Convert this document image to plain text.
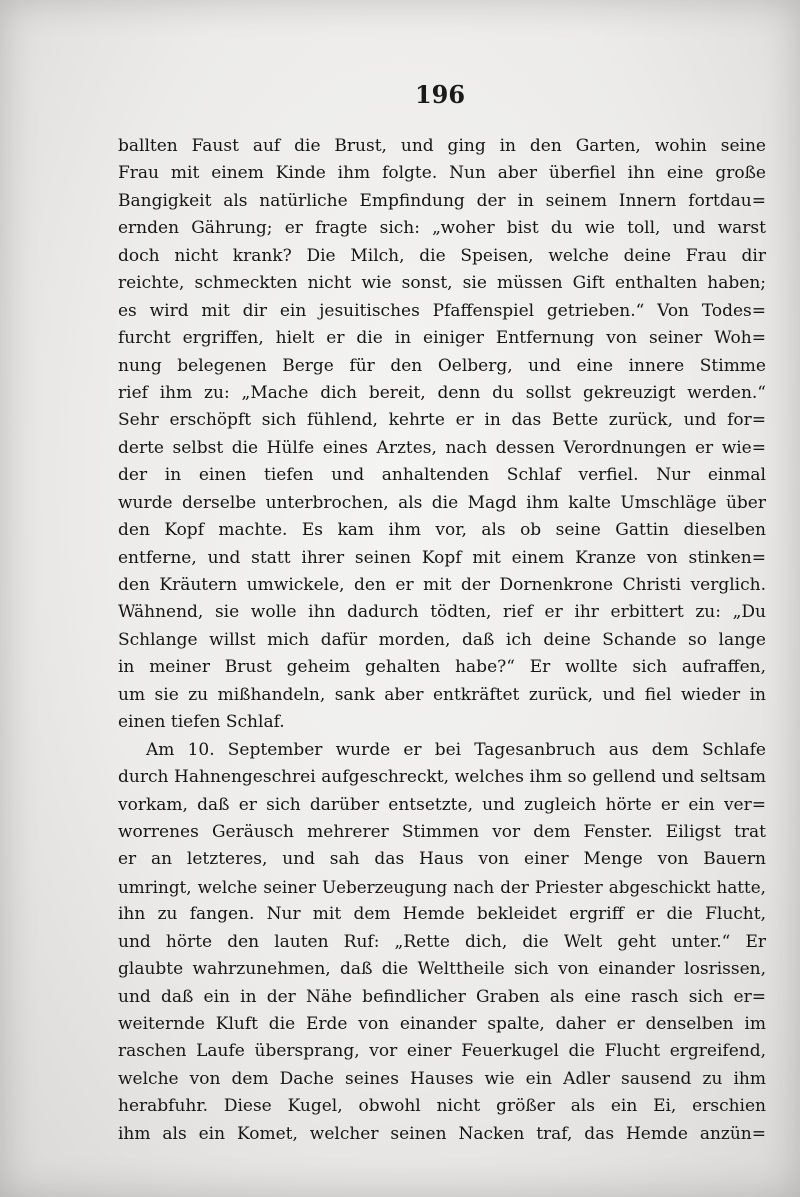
196
ballten Faust auf die Brust, und ging in den Garten, wohin seine
Frau mit einem Kinde ihm folgte. Nun aber überfiel ihn eine große
Bangigkeit als natürliche Empfindung der in seinem Innern fortdau=
ernden Gährung; er fragte sich: „woher bist du wie toll, und warst
doch nicht krank? Die Milch, die Speisen, welche deine Frau dir
reichte, schmeckten nicht wie sonst, sie müssen Gift enthalten haben;
es wird mit dir ein jesuitisches Pfaffenspiel getrieben.“ Von Todes=
furcht ergriffen, hielt er die in einiger Entfernung von seiner Woh=
nung belegenen Berge für den Oelberg, und eine innere Stimme
rief ihm zu: „Mache dich bereit, denn du sollst gekreuzigt werden.“
Sehr erschöpft sich fühlend, kehrte er in das Bette zurück, und for=
derte selbst die Hülfe eines Arztes, nach dessen Verordnungen er wie=
der in einen tiefen und anhaltenden Schlaf verfiel. Nur einmal
wurde derselbe unterbrochen, als die Magd ihm kalte Umschläge über
den Kopf machte. Es kam ihm vor, als ob seine Gattin dieselben
entferne, und statt ihrer seinen Kopf mit einem Kranze von stinken=
den Kräutern umwickele, den er mit der Dornenkrone Christi verglich.
Wähnend, sie wolle ihn dadurch tödten, rief er ihr erbittert zu: „Du
Schlange willst mich dafür morden, daß ich deine Schande so lange
in meiner Brust geheim gehalten habe?“ Er wollte sich aufraffen,
um sie zu mißhandeln, sank aber entkräftet zurück, und fiel wieder in
einen tiefen Schlaf.
Am 10. September wurde er bei Tagesanbruch aus dem Schlafe
durch Hahnengeschrei aufgeschreckt, welches ihm so gellend und seltsam
vorkam, daß er sich darüber entsetzte, und zugleich hörte er ein ver=
worrenes Geräusch mehrerer Stimmen vor dem Fenster. Eiligst trat
er an letzteres, und sah das Haus von einer Menge von Bauern
umringt, welche seiner Ueberzeugung nach der Priester abgeschickt hatte,
ihn zu fangen. Nur mit dem Hemde bekleidet ergriff er die Flucht,
und hörte den lauten Ruf: „Rette dich, die Welt geht unter.“ Er
glaubte wahrzunehmen, daß die Welttheile sich von einander losrissen,
und daß ein in der Nähe befindlicher Graben als eine rasch sich er=
weiternde Kluft die Erde von einander spalte, daher er denselben im
raschen Laufe übersprang, vor einer Feuerkugel die Flucht ergreifend,
welche von dem Dache seines Hauses wie ein Adler sausend zu ihm
herabfuhr. Diese Kugel, obwohl nicht größer als ein Ei, erschien
ihm als ein Komet, welcher seinen Nacken traf, das Hemde anzün=
